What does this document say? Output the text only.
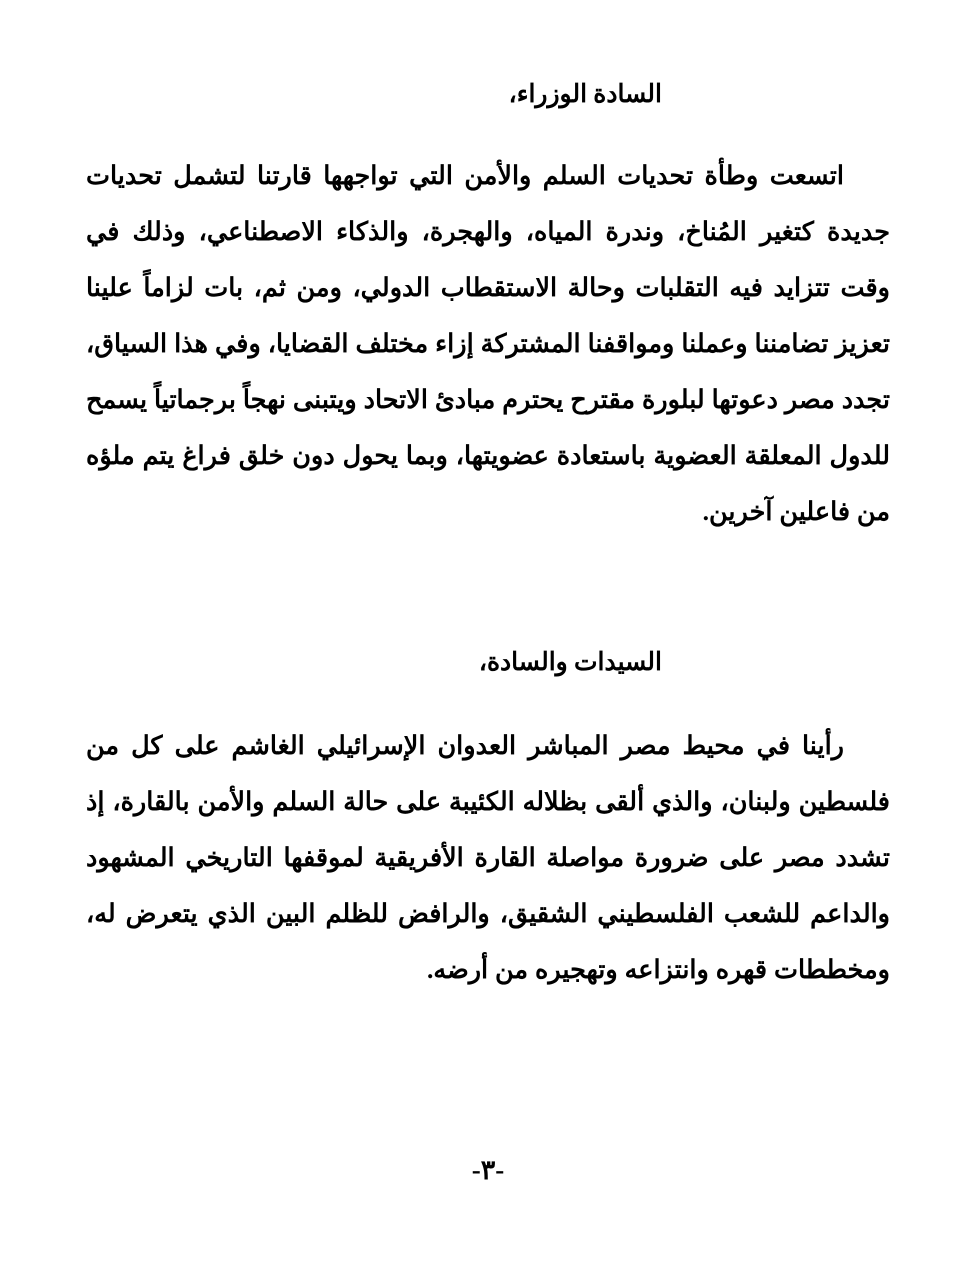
السادة الوزراء،

اتسعت وطأة تحديات السلم والأمن التي تواجهها قارتنا لتشمل تحديات جديدة كتغير المُناخ، وندرة المياه، والهجرة، والذكاء الاصطناعي، وذلك في وقت تتزايد فيه التقلبات وحالة الاستقطاب الدولي، ومن ثم، بات لزاماً علينا تعزيز تضامننا وعملنا ومواقفنا المشتركة إزاء مختلف القضايا، وفي هذا السياق، تجدد مصر دعوتها لبلورة مقترح يحترم مبادئ الاتحاد ويتبنى نهجاً برجماتياً يسمح للدول المعلقة العضوية باستعادة عضويتها، وبما يحول دون خلق فراغ يتم ملؤه من فاعلين آخرين.

السيدات والسادة،

رأينا في محيط مصر المباشر العدوان الإسرائيلي الغاشم على كل من فلسطين ولبنان، والذي ألقى بظلاله الكئيبة على حالة السلم والأمن بالقارة، إذ تشدد مصر على ضرورة مواصلة القارة الأفريقية لموقفها التاريخي المشهود والداعم للشعب الفلسطيني الشقيق، والرافض للظلم البين الذي يتعرض له، ومخططات قهره وانتزاعه وتهجيره من أرضه.

-٣-
